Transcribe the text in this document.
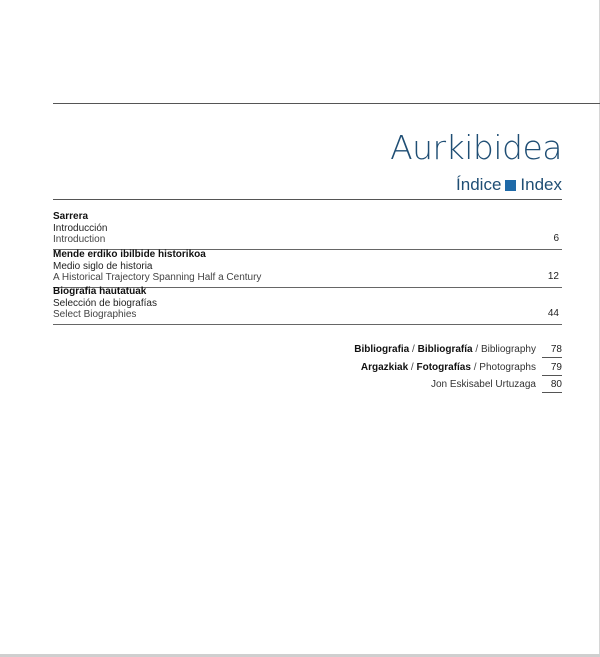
Aurkibidea
Índice Index
Sarrera
Introducción
Introduction	6
Mende erdiko ibilbide historikoa
Medio siglo de historia
A Historical Trajectory Spanning Half a Century	12
Biografia hautatuak
Selección de biografías
Select Biographies	44
Bibliografia / Bibliografía / Bibliography	78
Argazkiak / Fotografías / Photographs	79
Jon Eskisabel Urtuzaga	80
